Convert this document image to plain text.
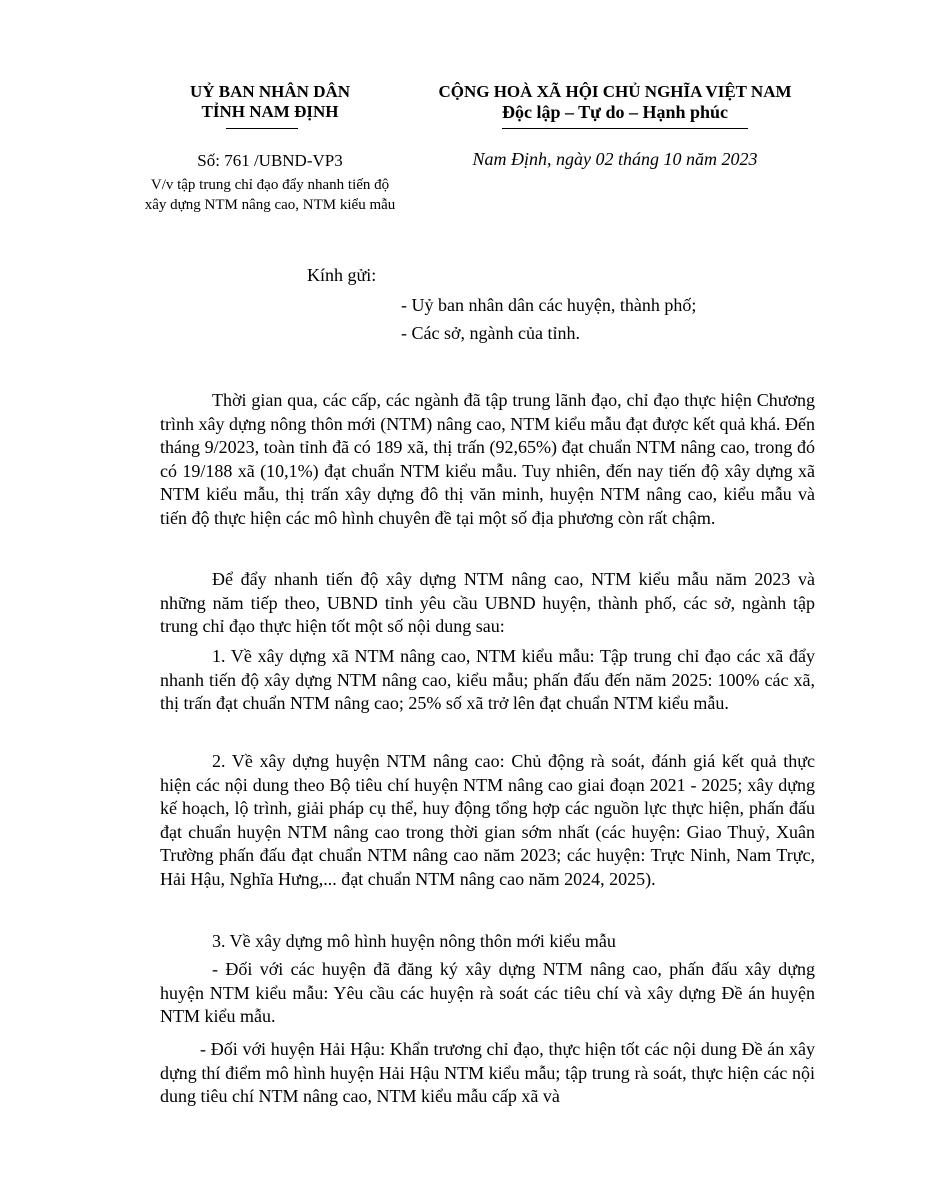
UỶ BAN NHÂN DÂN
TỈNH NAM ĐỊNH
Số: 761 /UBND-VP3
V/v tập trung chỉ đạo đẩy nhanh tiến độ
xây dựng NTM nâng cao, NTM kiểu mẫu
CỘNG HOÀ XÃ HỘI CHỦ NGHĨA VIỆT NAM
Độc lập – Tự do – Hạnh phúc
Nam Định, ngày 02 tháng 10 năm 2023
Kính gửi:
- Uỷ ban nhân dân các huyện, thành phố;
- Các sở, ngành của tỉnh.

Thời gian qua, các cấp, các ngành đã tập trung lãnh đạo, chỉ đạo thực hiện Chương trình xây dựng nông thôn mới (NTM) nâng cao, NTM kiểu mẫu đạt được kết quả khá. Đến tháng 9/2023, toàn tỉnh đã có 189 xã, thị trấn (92,65%) đạt chuẩn NTM nâng cao, trong đó có 19/188 xã (10,1%) đạt chuẩn NTM kiểu mẫu. Tuy nhiên, đến nay tiến độ xây dựng xã NTM kiểu mẫu, thị trấn xây dựng đô thị văn minh, huyện NTM nâng cao, kiểu mẫu và tiến độ thực hiện các mô hình chuyên đề tại một số địa phương còn rất chậm.

Để đẩy nhanh tiến độ xây dựng NTM nâng cao, NTM kiểu mẫu năm 2023 và những năm tiếp theo, UBND tỉnh yêu cầu UBND huyện, thành phố, các sở, ngành tập trung chỉ đạo thực hiện tốt một số nội dung sau:

1. Về xây dựng xã NTM nâng cao, NTM kiểu mẫu: Tập trung chỉ đạo các xã đẩy nhanh tiến độ xây dựng NTM nâng cao, kiểu mẫu; phấn đấu đến năm 2025: 100% các xã, thị trấn đạt chuẩn NTM nâng cao; 25% số xã trở lên đạt chuẩn NTM kiểu mẫu.

2. Về xây dựng huyện NTM nâng cao: Chủ động rà soát, đánh giá kết quả thực hiện các nội dung theo Bộ tiêu chí huyện NTM nâng cao giai đoạn 2021 - 2025; xây dựng kế hoạch, lộ trình, giải pháp cụ thể, huy động tổng hợp các nguồn lực thực hiện, phấn đấu đạt chuẩn huyện NTM nâng cao trong thời gian sớm nhất (các huyện: Giao Thuỷ, Xuân Trường phấn đấu đạt chuẩn NTM nâng cao năm 2023; các huyện: Trực Ninh, Nam Trực, Hải Hậu, Nghĩa Hưng,... đạt chuẩn NTM nâng cao năm 2024, 2025).

3. Về xây dựng mô hình huyện nông thôn mới kiểu mẫu

- Đối với các huyện đã đăng ký xây dựng NTM nâng cao, phấn đấu xây dựng huyện NTM kiểu mẫu: Yêu cầu các huyện rà soát các tiêu chí và xây dựng Đề án huyện NTM kiểu mẫu.

- Đối với huyện Hải Hậu: Khẩn trương chỉ đạo, thực hiện tốt các nội dung Đề án xây dựng thí điểm mô hình huyện Hải Hậu NTM kiểu mẫu; tập trung rà soát, thực hiện các nội dung tiêu chí NTM nâng cao, NTM kiểu mẫu cấp xã và
